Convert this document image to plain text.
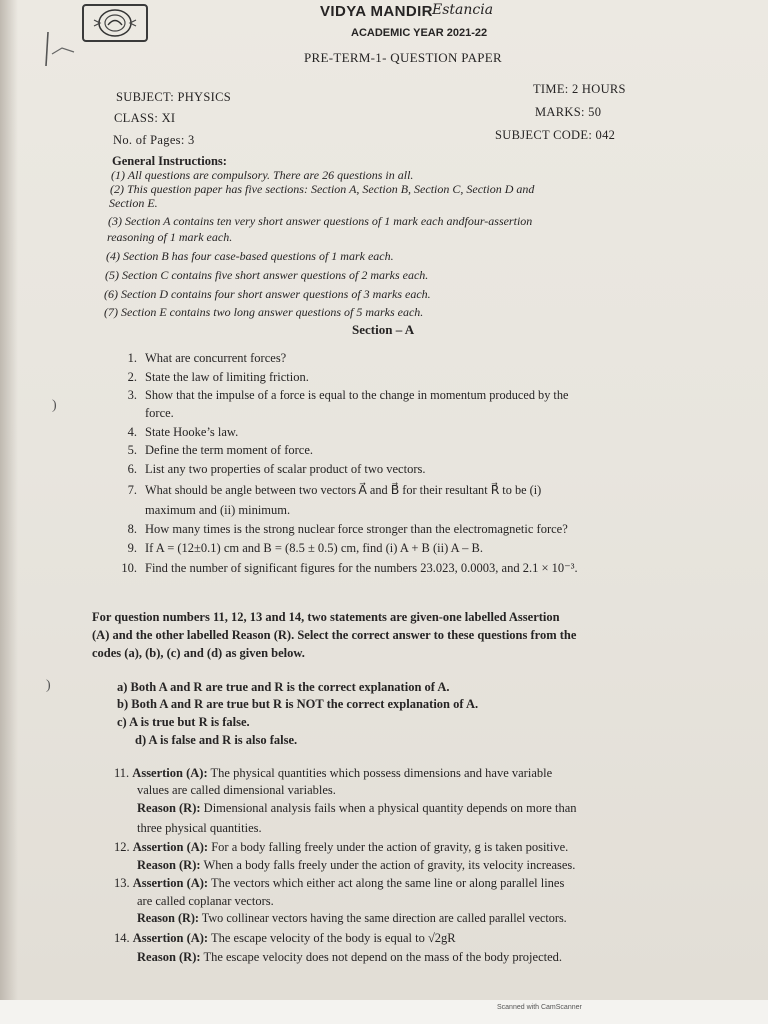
VIDYA MANDIR Estancia
ACADEMIC YEAR 2021-22
PRE-TERM-1- QUESTION PAPER
SUBJECT: PHYSICS
CLASS: XI
No. of Pages: 3
TIME: 2 HOURS
MARKS: 50
SUBJECT CODE: 042
General Instructions:
(1) All questions are compulsory. There are 26 questions in all.
(2) This question paper has five sections: Section A, Section B, Section C, Section D and
Section E.
(3) Section A contains ten very short answer questions of 1 mark each andfour-assertion
reasoning of 1 mark each.
(4) Section B has four case-based questions of 1 mark each.
(5) Section C contains five short answer questions of 2 marks each.
(6) Section D contains four short answer questions of 3 marks each.
(7) Section E contains two long answer questions of 5 marks each.
Section – A
1. What are concurrent forces?
2. State the law of limiting friction.
3. Show that the impulse of a force is equal to the change in momentum produced by the
force.
4. State Hooke’s law.
5. Define the term moment of force.
6. List any two properties of scalar product of two vectors.
7. What should be angle between two vectors A⃗ and B⃗ for their resultant R⃗ to be (i)
maximum and (ii) minimum.
8. How many times is the strong nuclear force stronger than the electromagnetic force?
9. If A = (12±0.1) cm and B = (8.5 ± 0.5) cm, find (i) A + B (ii) A – B.
10. Find the number of significant figures for the numbers 23.023, 0.0003, and 2.1 × 10⁻³.
For question numbers 11, 12, 13 and 14, two statements are given-one labelled Assertion
(A) and the other labelled Reason (R). Select the correct answer to these questions from the
codes (a), (b), (c) and (d) as given below.
a) Both A and R are true and R is the correct explanation of A.
b) Both A and R are true but R is NOT the correct explanation of A.
c) A is true but R is false.
d) A is false and R is also false.
11. Assertion (A): The physical quantities which possess dimensions and have variable
values are called dimensional variables.
Reason (R): Dimensional analysis fails when a physical quantity depends on more than
three physical quantities.
12. Assertion (A): For a body falling freely under the action of gravity, g is taken positive.
Reason (R): When a body falls freely under the action of gravity, its velocity increases.
13. Assertion (A): The vectors which either act along the same line or along parallel lines
are called coplanar vectors.
Reason (R): Two collinear vectors having the same direction are called parallel vectors.
14. Assertion (A): The escape velocity of the body is equal to √2gR
Reason (R): The escape velocity does not depend on the mass of the body projected.
)
)
Scanned with CamScanner
